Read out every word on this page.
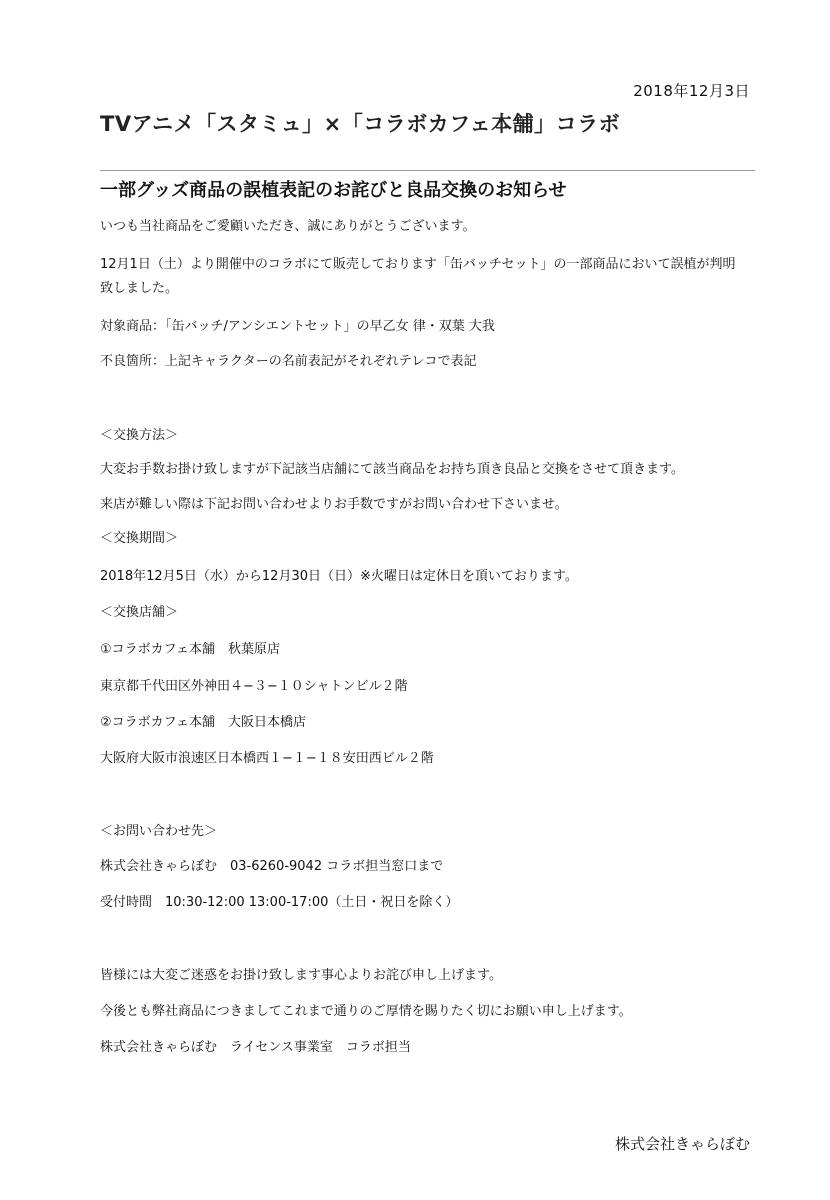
2018年12月3日
TVアニメ「スタミュ」×「コラボカフェ本舗」コラボ
一部グッズ商品の誤植表記のお詫びと良品交換のお知らせ
いつも当社商品をご愛顧いただき、誠にありがとうございます。
12月1日（土）より開催中のコラボにて販売しております「缶バッチセット」の一部商品において誤植が判明致しました。
対象商品：「缶バッチ/アンシエントセット」の早乙女 律・双葉 大我
不良箇所：上記キャラクターの名前表記がそれぞれテレコで表記
＜交換方法＞
大変お手数お掛け致しますが下記該当店舗にて該当商品をお持ち頂き良品と交換をさせて頂きます。
来店が難しい際は下記お問い合わせよりお手数ですがお問い合わせ下さいませ。
＜交換期間＞
2018年12月5日（水）から12月30日（日）※火曜日は定休日を頂いております。
＜交換店舗＞
①コラボカフェ本舗　秋葉原店
東京都千代田区外神田４−３−１０シャトンビル２階
②コラボカフェ本舗　大阪日本橋店
大阪府大阪市浪速区日本橋西１−１−１８安田西ビル２階
＜お問い合わせ先＞
株式会社きゃらぼむ　03-6260-9042 コラボ担当窓口まで
受付時間　10:30-12:00 13:00-17:00（土日・祝日を除く）
皆様には大変ご迷惑をお掛け致します事心よりお詫び申し上げます。
今後とも弊社商品につきましてこれまで通りのご厚情を賜りたく切にお願い申し上げます。
株式会社きゃらぼむ　ライセンス事業室　コラボ担当
株式会社きゃらぼむ
